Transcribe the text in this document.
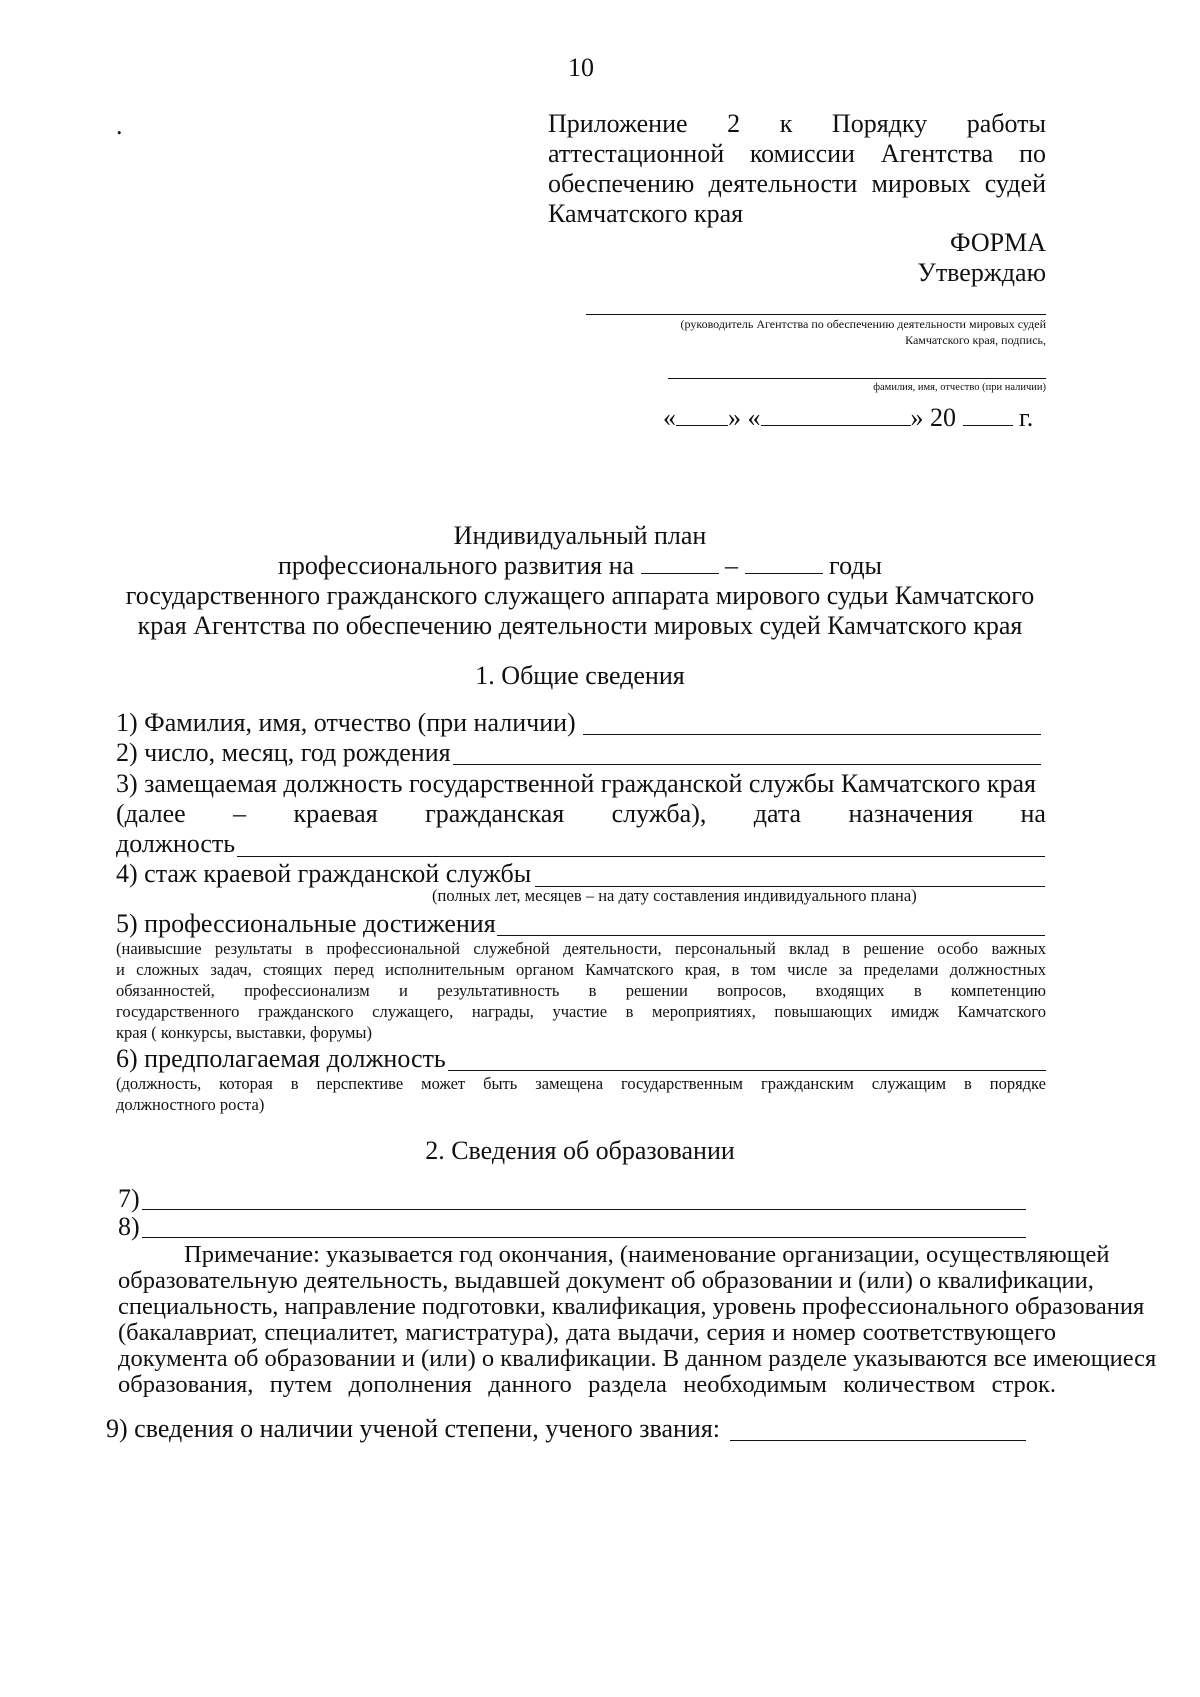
10
.	Приложение 2 к Порядку работы
аттестационной комиссии Агентства по
обеспечению деятельности мировых судей
Камчатского края
ФОРМА
Утверждаю
(руководитель Агентства по обеспечению деятельности мировых судей
Камчатского края, подпись,
фамилия, имя, отчество (при наличии)
« » «	» 20 г.
Индивидуальный план
профессионального развития на	–	годы
государственного гражданского служащего аппарата мирового судьи Камчатского
края Агентства по обеспечению деятельности мировых судей Камчатского края
1. Общие сведения
1) Фамилия, имя, отчество (при наличии)
2) число, месяц, год рождения
3) замещаемая должность государственной гражданской службы Камчатского края
(далее – краевая гражданская служба), дата назначения на
должность
4) стаж краевой гражданской службы
(полных лет, месяцев – на дату составления индивидуального плана)
5) профессиональные достижения
(наивысшие результаты в профессиональной служебной деятельности, персональный вклад в решение особо важных
и сложных задач, стоящих перед исполнительным органом Камчатского края, в том числе за пределами должностных
обязанностей, профессионализм и результативность в решении вопросов, входящих в компетенцию
государственного гражданского служащего, награды, участие в мероприятиях, повышающих имидж Камчатского
края ( конкурсы, выставки, форумы)
6) предполагаемая должность
(должность, которая в перспективе может быть замещена государственным гражданским служащим в порядке
должностного роста)
2. Сведения об образовании
7)
8)
Примечание: указывается год окончания, (наименование организации, осуществляющей
образовательную деятельность, выдавшей документ об образовании и (или) о квалификации,
специальность, направление подготовки, квалификация, уровень профессионального образования
(бакалавриат, специалитет, магистратура), дата выдачи, серия и номер соответствующего
документа об образовании и (или) о квалификации. В данном разделе указываются все имеющиеся
образования, путем дополнения данного раздела необходимым количеством строк.
9) сведения о наличии ученой степени, ученого звания:
